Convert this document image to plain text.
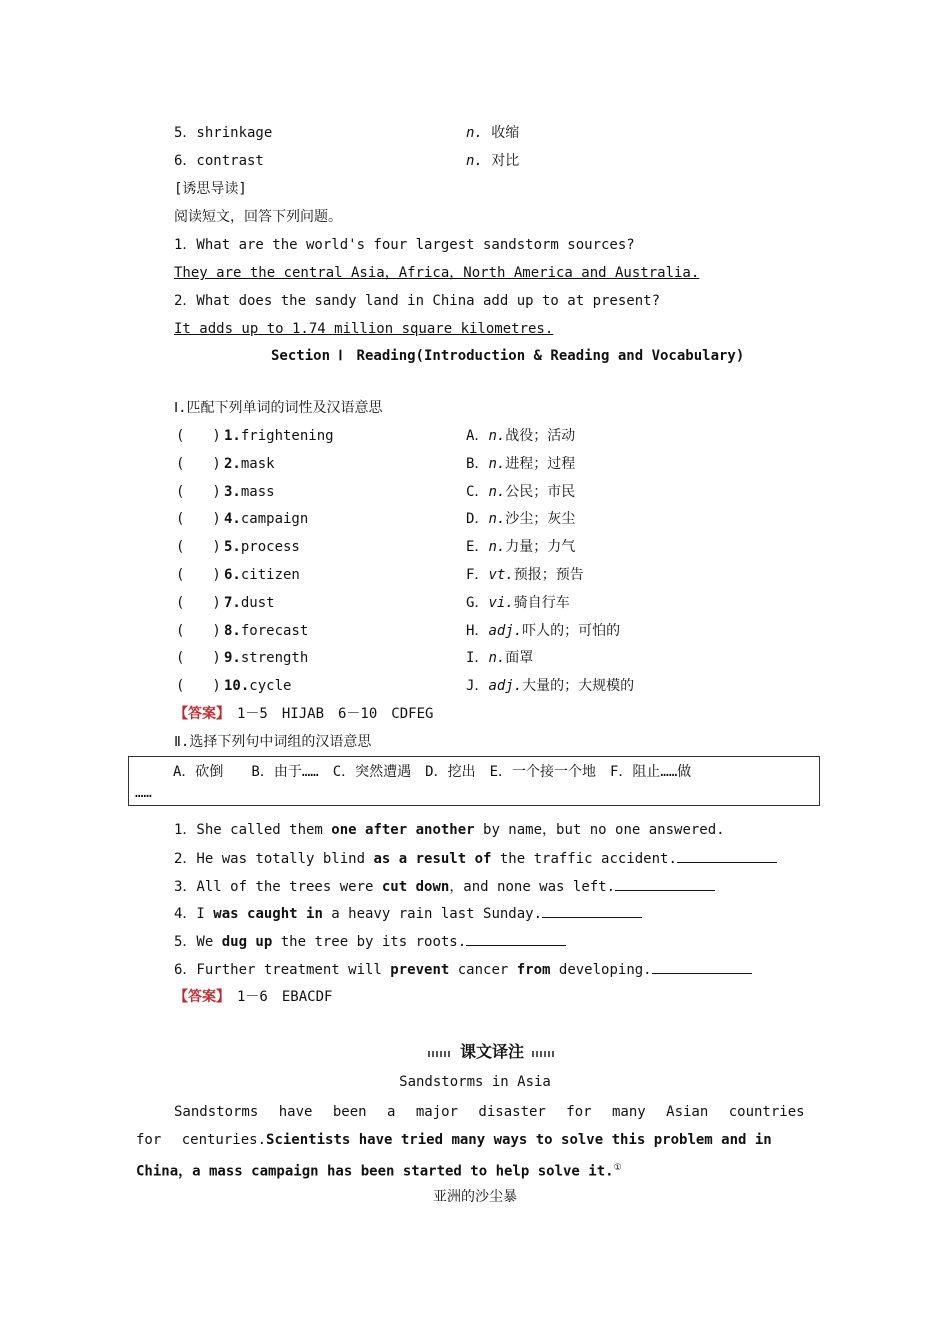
5．shrinkage	n. 收缩
6．contrast	n. 对比
[诱思导读]
阅读短文，回答下列问题。
1．What are the world's four largest sandstorm sources?
They are the central Asia，Africa，North America and Australia.
2．What does the sandy land in China add up to at present?
It adds up to 1.74 million square kilometres.
Section Ⅰ　Reading(Introduction & Reading and Vocabulary)
Ⅰ.匹配下列单词的词性及汉语意思
(　　) 1.frightening	A．n.战役；活动
(　　) 2.mask	B．n.进程；过程
(　　) 3.mass	C．n.公民；市民
(　　) 4.campaign	D．n.沙尘；灰尘
(　　) 5.process	E．n.力量；力气
(　　) 6.citizen	F．vt.预报；预告
(　　) 7.dust	G．vi.骑自行车
(　　) 8.forecast	H．adj.吓人的；可怕的
(　　) 9.strength	I．n.面罩
(　　) 10.cycle	J．adj.大量的；大规模的
【答案】　 1－5　HIJAB　6－10　CDFEG
Ⅱ.选择下列句中词组的汉语意思
A．砍倒　　B．由于……　C．突然遭遇　D．挖出　E．一个接一个地　F．阻止……做
……
1．She called them one after another by name，but no one answered.
2．He was totally blind as a result of the traffic accident.
3．All of the trees were cut down，and none was left.
4．I was caught in a heavy rain last Sunday.
5．We dug up the tree by its roots.
6．Further treatment will prevent cancer from developing.
【答案】　 1－6　EBACDF
课文译注
Sandstorms in Asia
Sandstorms have been a major disaster for many Asian countries for centuries.Scientists have tried many ways to solve this problem and in China，a mass campaign has been started to help solve it.①
亚洲的沙尘暴
